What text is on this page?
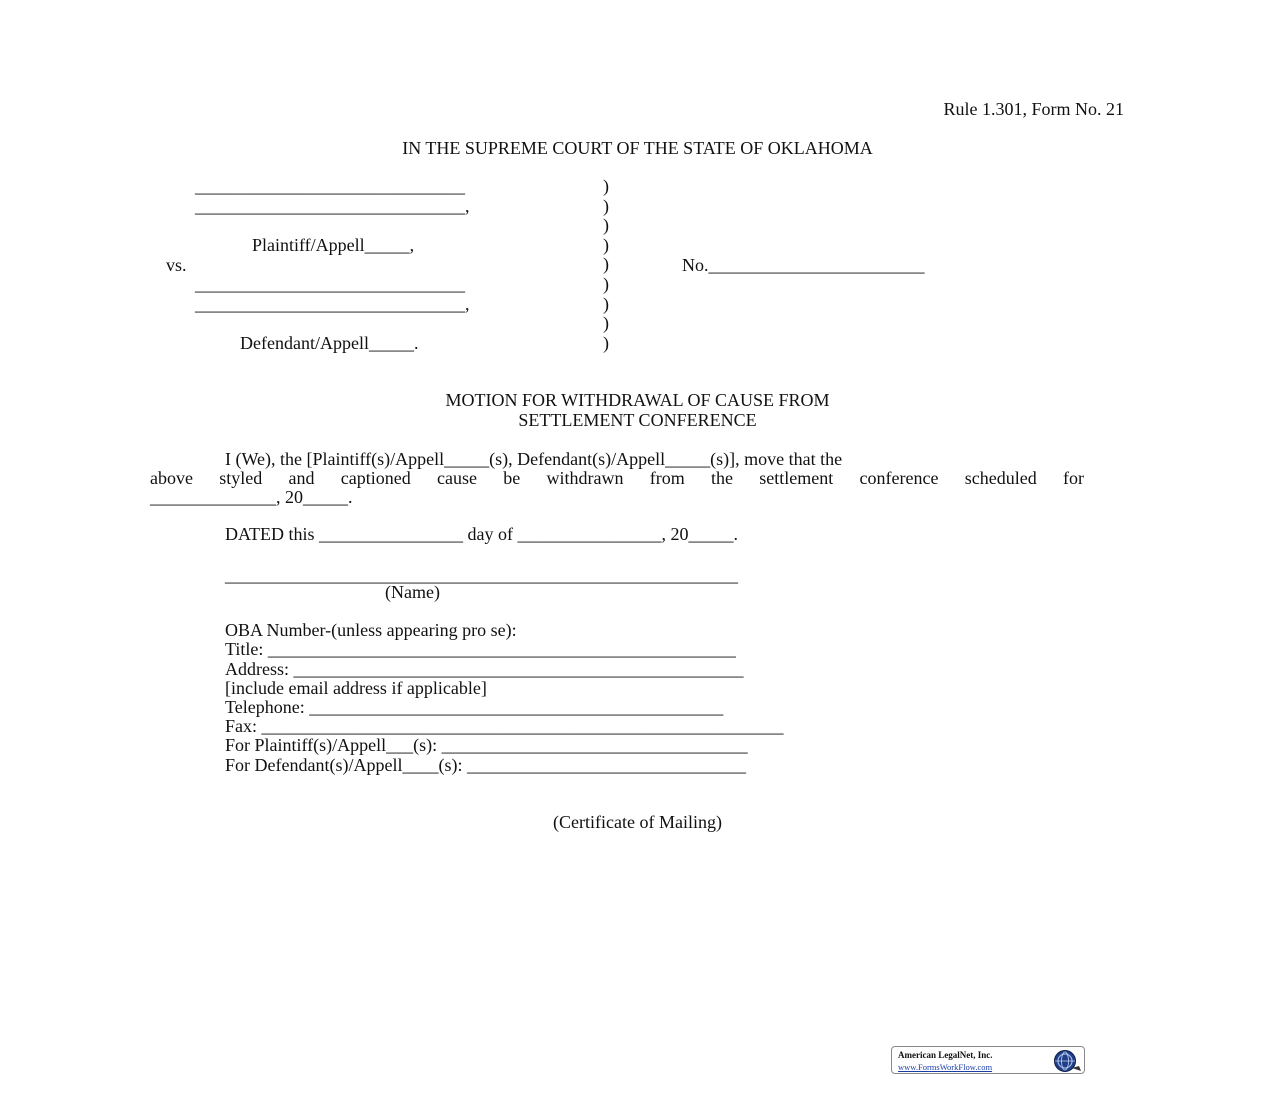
Rule 1.301, Form No. 21
IN THE SUPREME COURT OF THE STATE OF OKLAHOMA
______________________________
______________________________,
Plaintiff/Appell_____,
vs.
______________________________
______________________________,
Defendant/Appell_____.
)
)
)
)
)
)
)
)
)
No.________________________
MOTION FOR WITHDRAWAL OF CAUSE FROM
SETTLEMENT CONFERENCE
I (We), the [Plaintiff(s)/Appell_____(s), Defendant(s)/Appell_____(s)], move that the
above styled and captioned cause be withdrawn from the settlement conference scheduled for
______________, 20_____.
DATED this ________________ day of ________________, 20_____.
_________________________________________________________
(Name)
OBA Number-(unless appearing pro se):
Title: ____________________________________________________
Address: __________________________________________________
[include email address if applicable]
Telephone: ______________________________________________
Fax: __________________________________________________________
For Plaintiff(s)/Appell___(s): __________________________________
For Defendant(s)/Appell____(s): _______________________________
(Certificate of Mailing)
American LegalNet, Inc.
www.FormsWorkFlow.com
